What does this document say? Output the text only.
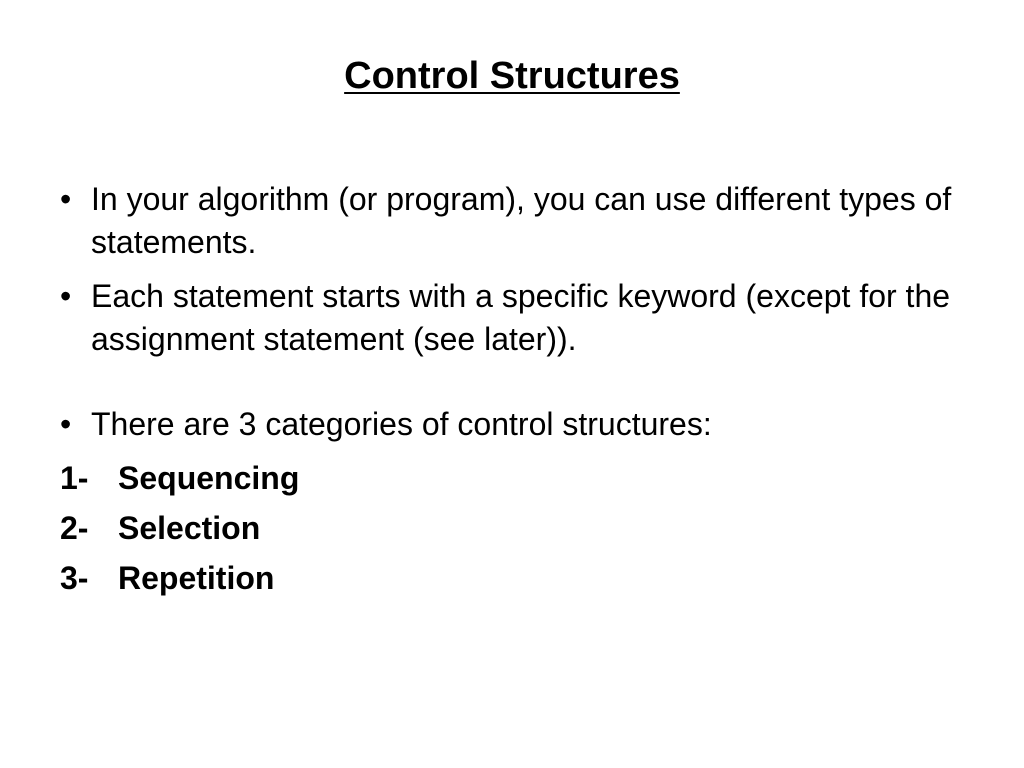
Control Structures
• In your algorithm (or program), you can use different types of statements.
• Each statement starts with a specific keyword (except for the assignment statement (see later)).
• There are 3 categories of control structures:
1- Sequencing
2- Selection
3- Repetition
